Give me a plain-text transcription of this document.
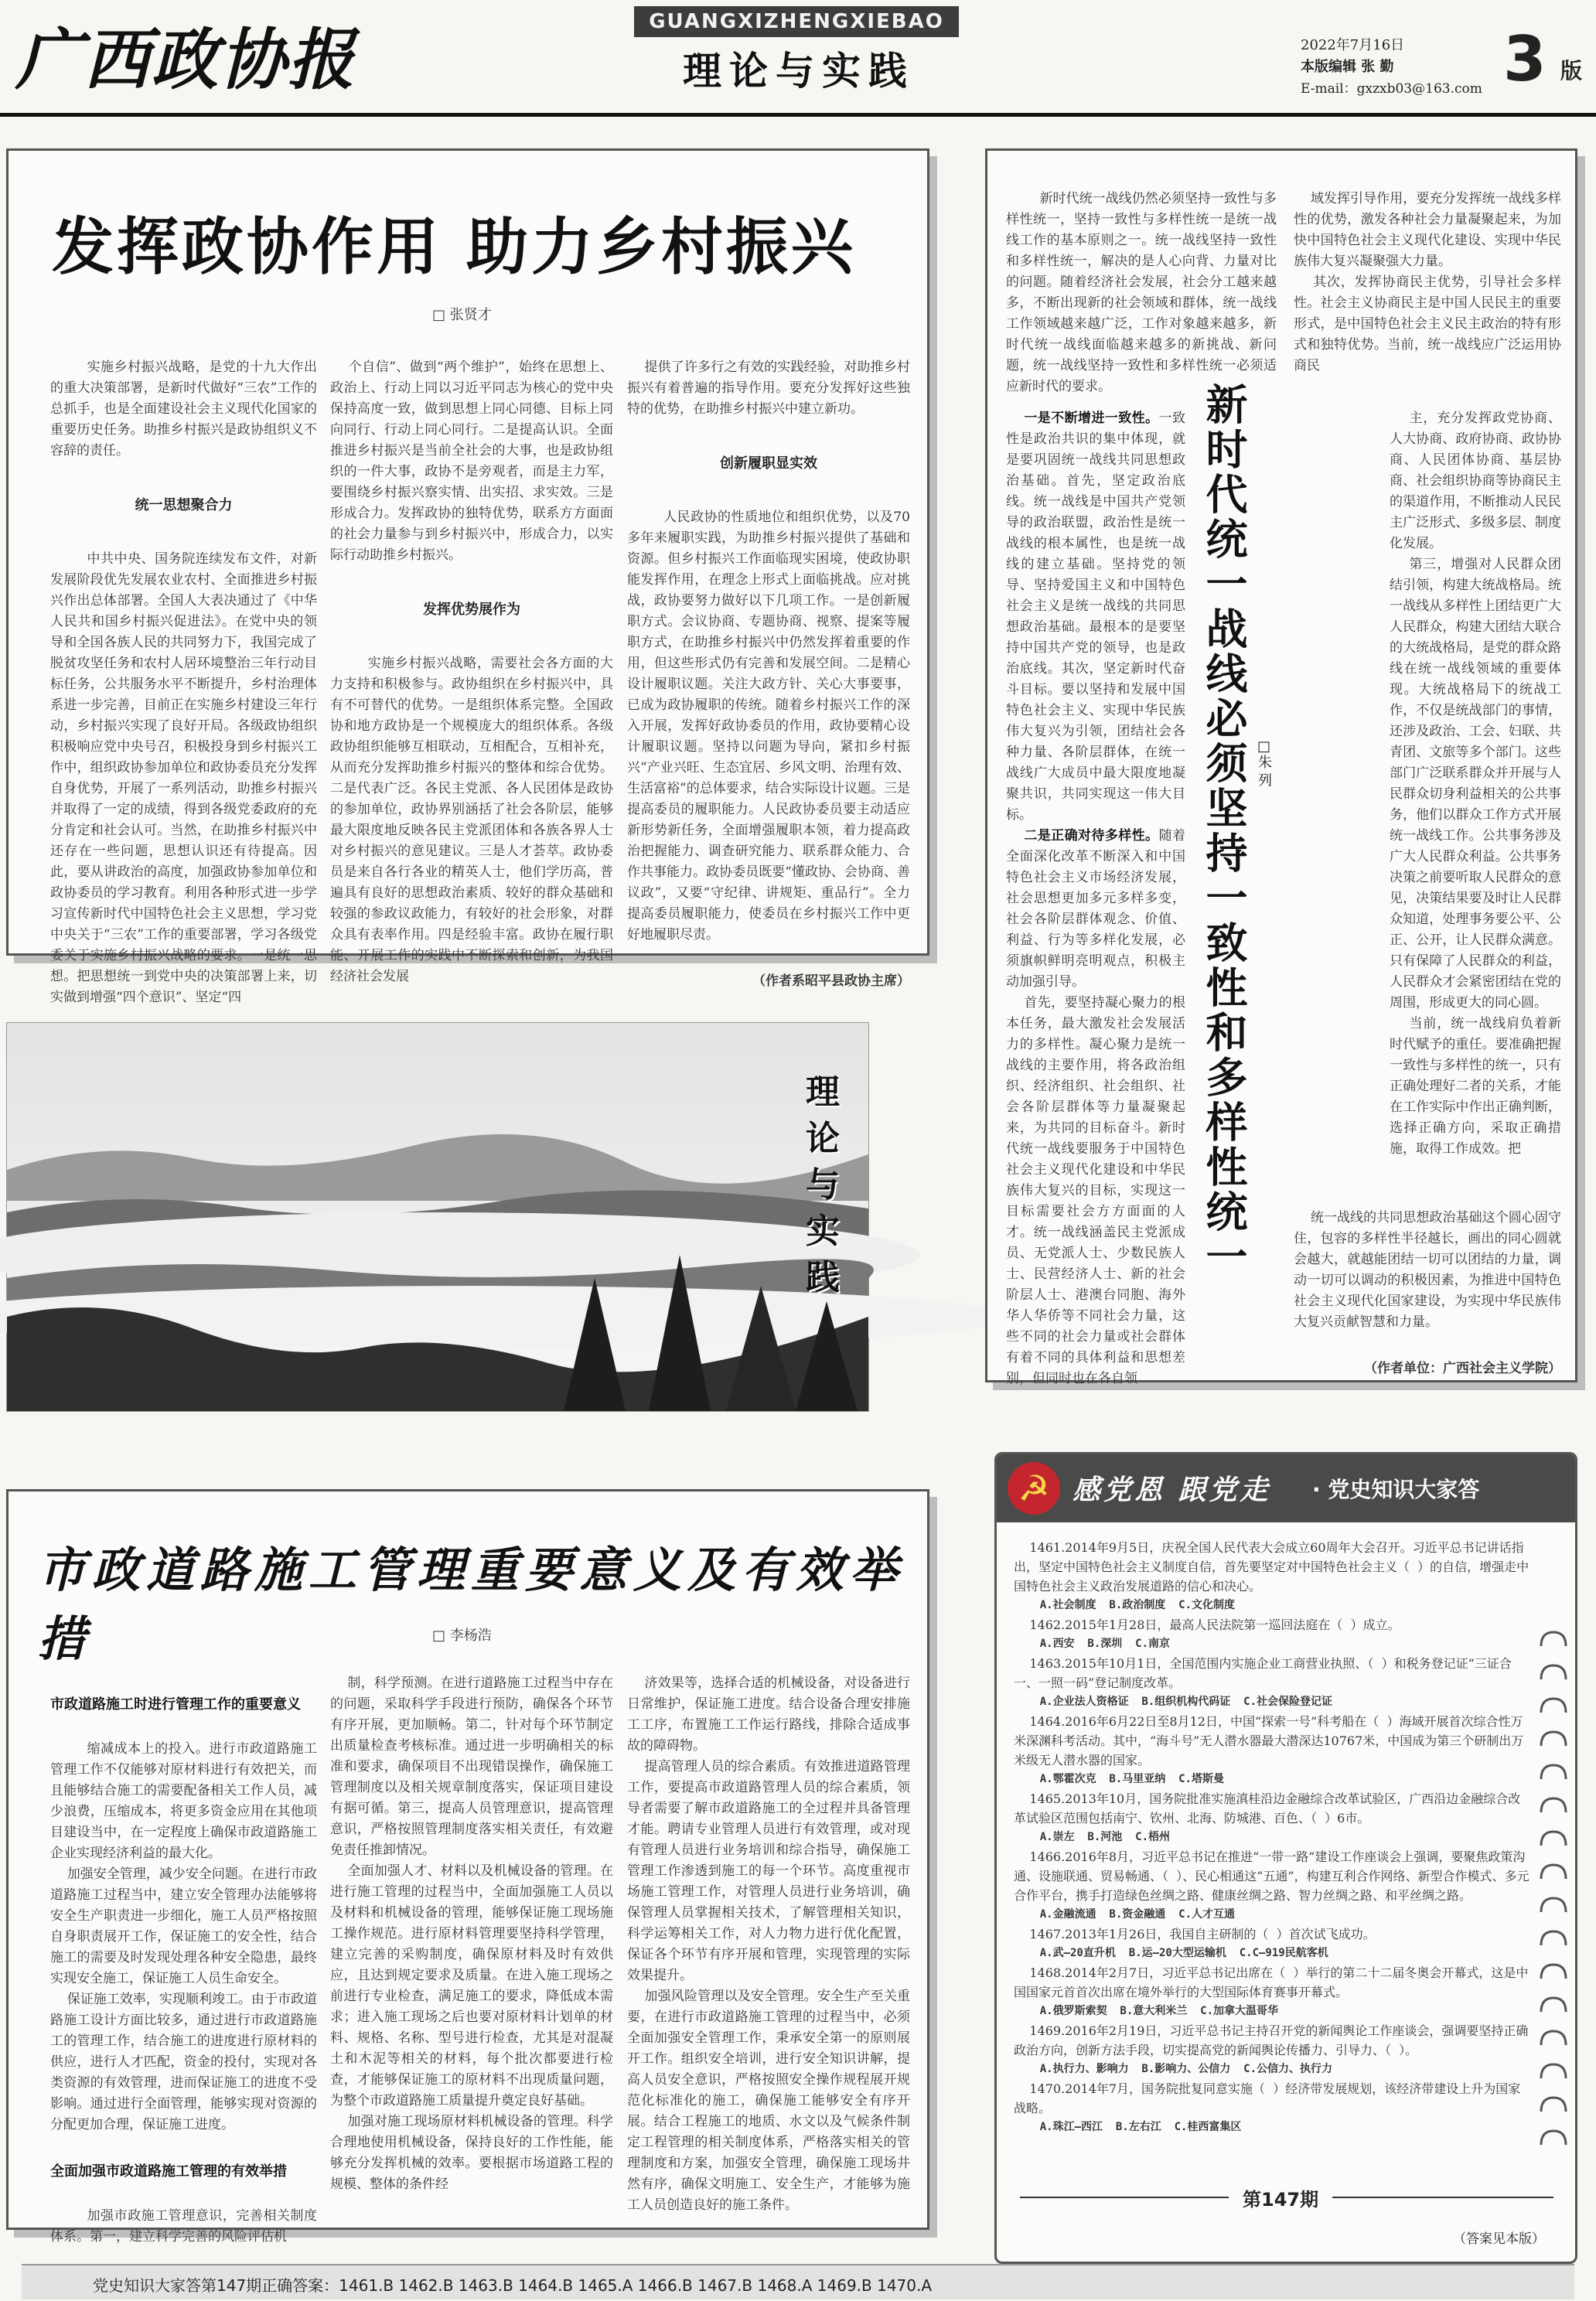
广西政协报	GUANGXIZHENGXIEBAO
理论与实践
2022年7月16日
本版编辑 张 勤
E-mail：gxzxb03@163.com 3 版
发挥政协作用 助力乡村振兴
□ 张贤才

实施乡村振兴战略，是党的十九大作出的重大决策部署，是新时代做好“三农”工作的总抓手，也是全面建设社会主义现代化国家的重要历史任务。助推乡村振兴是政协组织义不容辞的责任。

统一思想聚合力

中共中央、国务院连续发布文件，对新发展阶段优先发展农业农村、全面推进乡村振兴作出总体部署。全国人大表决通过了《中华人民共和国乡村振兴促进法》。在党中央的领导和全国各族人民的共同努力下，我国完成了脱贫攻坚任务和农村人居环境整治三年行动目标任务，公共服务水平不断提升，乡村治理体系进一步完善，目前正在实施乡村建设三年行动，乡村振兴实现了良好开局。各级政协组织积极响应党中央号召，积极投身到乡村振兴工作中，组织政协参加单位和政协委员充分发挥自身优势，开展了一系列活动，助推乡村振兴并取得了一定的成绩，得到各级党委政府的充分肯定和社会认可。当然，在助推乡村振兴中还存在一些问题，思想认识还有待提高。因此，要从讲政治的高度，加强政协参加单位和政协委员的学习教育。利用各种形式进一步学习宣传新时代中国特色社会主义思想，学习党中央关于“三农”工作的重要部署，学习各级党委关于实施乡村振兴战略的要求。一是统一思想。把思想统一到党中央的决策部署上来，切实做到增强“四个意识”、坚定“四

个自信”、做到“两个维护”，始终在思想上、政治上、行动上同以习近平同志为核心的党中央保持高度一致，做到思想上同心同德、目标上同向同行、行动上同心同行。二是提高认识。全面推进乡村振兴是当前全社会的大事，也是政协组织的一件大事，政协不是旁观者，而是主力军，要围绕乡村振兴察实情、出实招、求实效。三是形成合力。发挥政协的独特优势，联系方方面面的社会力量参与到乡村振兴中，形成合力，以实际行动助推乡村振兴。

发挥优势展作为

实施乡村振兴战略，需要社会各方面的大力支持和积极参与。政协组织在乡村振兴中，具有不可替代的优势。一是组织体系完整。全国政协和地方政协是一个规模庞大的组织体系。各级政协组织能够互相联动，互相配合，互相补充，从而充分发挥助推乡村振兴的整体和综合优势。二是代表广泛。各民主党派、各人民团体是政协的参加单位，政协界别涵括了社会各阶层，能够最大限度地反映各民主党派团体和各族各界人士对乡村振兴的意见建议。三是人才荟萃。政协委员是来自各行各业的精英人士，他们学历高，普遍具有良好的思想政治素质、较好的群众基础和较强的参政议政能力，有较好的社会形象，对群众具有表率作用。四是经验丰富。政协在履行职能、开展工作的实践中不断探索和创新，为我国经济社会发展

提供了许多行之有效的实践经验，对助推乡村振兴有着普遍的指导作用。要充分发挥好这些独特的优势，在助推乡村振兴中建立新功。

创新履职显实效

人民政协的性质地位和组织优势，以及70多年来履职实践，为助推乡村振兴提供了基础和资源。但乡村振兴工作面临现实困境，使政协职能发挥作用，在理念上形式上面临挑战。应对挑战，政协要努力做好以下几项工作。一是创新履职方式。会议协商、专题协商、视察、提案等履职方式，在助推乡村振兴中仍然发挥着重要的作用，但这些形式仍有完善和发展空间。二是精心设计履职议题。关注大政方针、关心大事要事，已成为政协履职的传统。随着乡村振兴工作的深入开展，发挥好政协委员的作用，政协要精心设计履职议题。坚持以问题为导向，紧扣乡村振兴“产业兴旺、生态宜居、乡风文明、治理有效、生活富裕”的总体要求，结合实际设计议题。三是提高委员的履职能力。人民政协委员要主动适应新形势新任务，全面增强履职本领，着力提高政治把握能力、调查研究能力、联系群众能力、合作共事能力。政协委员既要“懂政协、会协商、善议政”，又要“守纪律、讲规矩、重品行”。全力提高委员履职能力，使委员在乡村振兴工作中更好地履职尽责。

（作者系昭平县政协主席）

理
论
与
实
践

新时代统一战线仍然必须坚持一致性与多样性统一，坚持一致性与多样性统一是统一战线工作的基本原则之一。统一战线坚持一致性和多样性统一，解决的是人心向背、力量对比的问题。随着经济社会发展，社会分工越来越多，不断出现新的社会领域和群体，统一战线工作领域越来越广泛，工作对象越来越多，新时代统一战线面临越来越多的新挑战、新问题，统一战线坚持一致性和多样性统一必须适应新时代的要求。

一是不断增进一致性。一致性是政治共识的集中体现，就是要巩固统一战线共同思想政治基础。首先，坚定政治底线。统一战线是中国共产党领导的政治联盟，政治性是统一战线的根本属性，也是统一战线的建立基础。坚持党的领导、坚持爱国主义和中国特色社会主义是统一战线的共同思想政治基础。最根本的是要坚持中国共产党的领导，也是政治底线。其次，坚定新时代奋斗目标。要以坚持和发展中国特色社会主义、实现中华民族伟大复兴为引领，团结社会各种力量、各阶层群体，在统一战线广大成员中最大限度地凝聚共识，共同实现这一伟大目标。
二是正确对待多样性。随着全面深化改革不断深入和中国特色社会主义市场经济发展，社会思想更加多元多样多变，社会各阶层群体观念、价值、利益、行为等多样化发展，必须旗帜鲜明亮明观点，积极主动加强引导。
首先，要坚持凝心聚力的根本任务，最大激发社会发展活力的多样性。凝心聚力是统一战线的主要作用，将各政治组织、经济组织、社会组织、社会各阶层群体等力量凝聚起来，为共同的目标奋斗。新时代统一战线要服务于中国特色社会主义现代化建设和中华民族伟大复兴的目标，实现这一目标需要社会方方面面的人才。统一战线涵盖民主党派成员、无党派人士、少数民族人士、民营经济人士、新的社会阶层人士、港澳台同胞、海外华人华侨等不同社会力量，这些不同的社会力量或社会群体有着不同的具体利益和思想差别，但同时也在各自领

域发挥引导作用，要充分发挥统一战线多样性的优势，激发各种社会力量凝聚起来，为加快中国特色社会主义现代化建设、实现中华民族伟大复兴凝聚强大力量。
其次，发挥协商民主优势，引导社会多样性。社会主义协商民主是中国人民民主的重要形式，是中国特色社会主义民主政治的特有形式和独特优势。当前，统一战线应广泛运用协商民

新时代统一战线必须坚持一致性和多样性统一 □朱 列

主，充分发挥政党协商、人大协商、政府协商、政协协商、人民团体协商、基层协商、社会组织协商等协商民主的渠道作用，不断推动人民民主广泛形式、多级多层、制度化发展。
第三，增强对人民群众团结引领，构建大统战格局。统一战线从多样性上团结更广大人民群众，构建大团结大联合的大统战格局，是党的群众路线在统一战线领域的重要体现。大统战格局下的统战工作，不仅是统战部门的事情，还涉及政治、工会、妇联、共青团、文旅等多个部门。这些部门广泛联系群众并开展与人民群众切身利益相关的公共事务，他们以群众工作方式开展统一战线工作。公共事务涉及广大人民群众利益。公共事务决策之前要听取人民群众的意见，决策结果要及时让人民群众知道，处理事务要公平、公正、公开，让人民群众满意。只有保障了人民群众的利益，人民群众才会紧密团结在党的周围，形成更大的同心圆。
当前，统一战线肩负着新时代赋予的重任。要准确把握一致性与多样性的统一，只有正确处理好二者的关系，才能在工作实际中作出正确判断，选择正确方向，采取正确措施，取得工作成效。把

统一战线的共同思想政治基础这个圆心固守住，包容的多样性半径越长，画出的同心圆就会越大，就越能团结一切可以团结的力量，调动一切可以调动的积极因素，为推进中国特色社会主义现代化国家建设，为实现中华民族伟大复兴贡献智慧和力量。

（作者单位：广西社会主义学院）

市政道路施工管理重要意义及有效举措	□ 李杨浩

市政道路施工时进行管理工作的重要意义

缩减成本上的投入。进行市政道路施工管理工作不仅能够对原材料进行有效把关，而且能够结合施工的需要配备相关工作人员，减少浪费，压缩成本，将更多资金应用在其他项目建设当中，在一定程度上确保市政道路施工企业实现经济利益的最大化。
加强安全管理，减少安全问题。在进行市政道路施工过程当中，建立安全管理办法能够将安全生产职责进一步细化，施工人员严格按照自身职责展开工作，保证施工的安全性，结合施工的需要及时发现处理各种安全隐患，最终实现安全施工，保证施工人员生命安全。
保证施工效率，实现顺利竣工。由于市政道路施工设计方面比较多，通过进行市政道路施工的管理工作，结合施工的进度进行原材料的供应，进行人才匹配，资金的投付，实现对各类资源的有效管理，进而保证施工的进度不受影响。通过进行全面管理，能够实现对资源的分配更加合理，保证施工进度。

全面加强市政道路施工管理的有效举措

加强市政施工管理意识，完善相关制度体系。第一，建立科学完善的风险评估机

制，科学预测。在进行道路施工过程当中存在的问题，采取科学手段进行预防，确保各个环节有序开展，更加顺畅。第二，针对每个环节制定出质量检查考核标准。通过进一步明确相关的标准和要求，确保项目不出现错误操作，确保施工管理制度以及相关规章制度落实，保证项目建设有据可循。第三，提高人员管理意识，提高管理意识，严格按照管理制度落实相关责任，有效避免责任推卸情况。
全面加强人才、材料以及机械设备的管理。在进行施工管理的过程当中，全面加强施工人员以及材料和机械设备的管理，能够保证施工现场施工操作规范。进行原材料管理要坚持科学管理，建立完善的采购制度，确保原材料及时有效供应，且达到规定要求及质量。在进入施工现场之前进行专业检查，满足施工的要求，降低成本需求；进入施工现场之后也要对原材料计划单的材料、规格、名称、型号进行检查，尤其是对混凝土和木泥等相关的材料，每个批次都要进行检查，才能够保证施工的原材料不出现质量问题，为整个市政道路施工质量提升奠定良好基础。
加强对施工现场原材料机械设备的管理。科学合理地使用机械设备，保持良好的工作性能，能够充分发挥机械的效率。要根据市场道路工程的规模、整体的条件经

济效果等，选择合适的机械设备，对设备进行日常维护，保证施工进度。结合设备合理安排施工工序，布置施工工作运行路线，排除合适成事故的障碍物。
提高管理人员的综合素质。有效推进道路管理工作，要提高市政道路管理人员的综合素质，领导者需要了解市政道路施工的全过程并具备管理才能。聘请专业管理人员进行有效管理，或对现有管理人员进行业务培训和综合指导，确保施工管理工作渗透到施工的每一个环节。高度重视市场施工管理工作，对管理人员进行业务培训，确保管理人员掌握相关技术，了解管理相关知识，科学运筹相关工作，对人力物力进行优化配置，保证各个环节有序开展和管理，实现管理的实际效果提升。
加强风险管理以及安全管理。安全生产至关重要，在进行市政道路施工管理的过程当中，必须全面加强安全管理工作，秉承安全第一的原则展开工作。组织安全培训，进行安全知识讲解，提高人员安全意识，严格按照安全操作规程展开规范化标准化的施工，确保施工能够安全有序开展。结合工程施工的地质、水文以及气候条件制定工程管理的相关制度体系，严格落实相关的管理制度和方案，加强安全管理，确保施工现场井然有序，确保文明施工、安全生产，才能够为施工人员创造良好的施工条件。

☭ 感党恩 跟党走 · 党史知识大家答
1461.2014年9月5日，庆祝全国人民代表大会成立60周年大会召开。习近平总书记讲话指出，坚定中国特色社会主义制度自信，首先要坚定对中国特色社会主义（  ）的自信，增强走中国特色社会主义政治发展道路的信心和决心。
A.社会制度  B.政治制度  C.文化制度
1462.2015年1月28日，最高人民法院第一巡回法庭在（  ）成立。
A.西安  B.深圳  C.南京
1463.2015年10月1日，全国范围内实施企业工商营业执照、（  ）和税务登记证“三证合一、一照一码”登记制度改革。
A.企业法人资格证  B.组织机构代码证  C.社会保险登记证
1464.2016年6月22日至8月12日，中国“探索一号”科考船在（  ）海域开展首次综合性万米深渊科考活动。其中，“海斗号”无人潜水器最大潜深达10767米，中国成为第三个研制出万米级无人潜水器的国家。
A.鄂霍次克  B.马里亚纳  C.塔斯曼
1465.2013年10月，国务院批准实施滇桂沿边金融综合改革试验区，广西沿边金融综合改革试验区范围包括南宁、钦州、北海、防城港、百色、（  ）6市。
A.崇左  B.河池  C.梧州
1466.2016年8月，习近平总书记在推进“一带一路”建设工作座谈会上强调，要聚焦政策沟通、设施联通、贸易畅通、（  ）、民心相通这“五通”，构建互利合作网络、新型合作模式、多元合作平台，携手打造绿色丝绸之路、健康丝绸之路、智力丝绸之路、和平丝绸之路。
A.金融流通  B.资金融通  C.人才互通
1467.2013年1月26日，我国自主研制的（  ）首次试飞成功。
A.武—20直升机  B.运—20大型运输机  C.C—919民航客机
1468.2014年2月7日，习近平总书记出席在（  ）举行的第二十二届冬奥会开幕式，这是中国国家元首首次出席在境外举行的大型国际体育赛事开幕式。
A.俄罗斯索契  B.意大利米兰  C.加拿大温哥华
1469.2016年2月19日，习近平总书记主持召开党的新闻舆论工作座谈会，强调要坚持正确政治方向，创新方法手段，切实提高党的新闻舆论传播力、引导力、（  ）。
A.执行力、影响力  B.影响力、公信力  C.公信力、执行力
1470.2014年7月，国务院批复同意实施（  ）经济带发展规划，该经济带建设上升为国家战略。
A.珠江—西江  B.左右江  C.桂西富集区
第147期
（答案见本版）
党史知识大家答第147期正确答案：1461.B 1462.B 1463.B 1464.B 1465.A 1466.B 1467.B 1468.A 1469.B 1470.A
